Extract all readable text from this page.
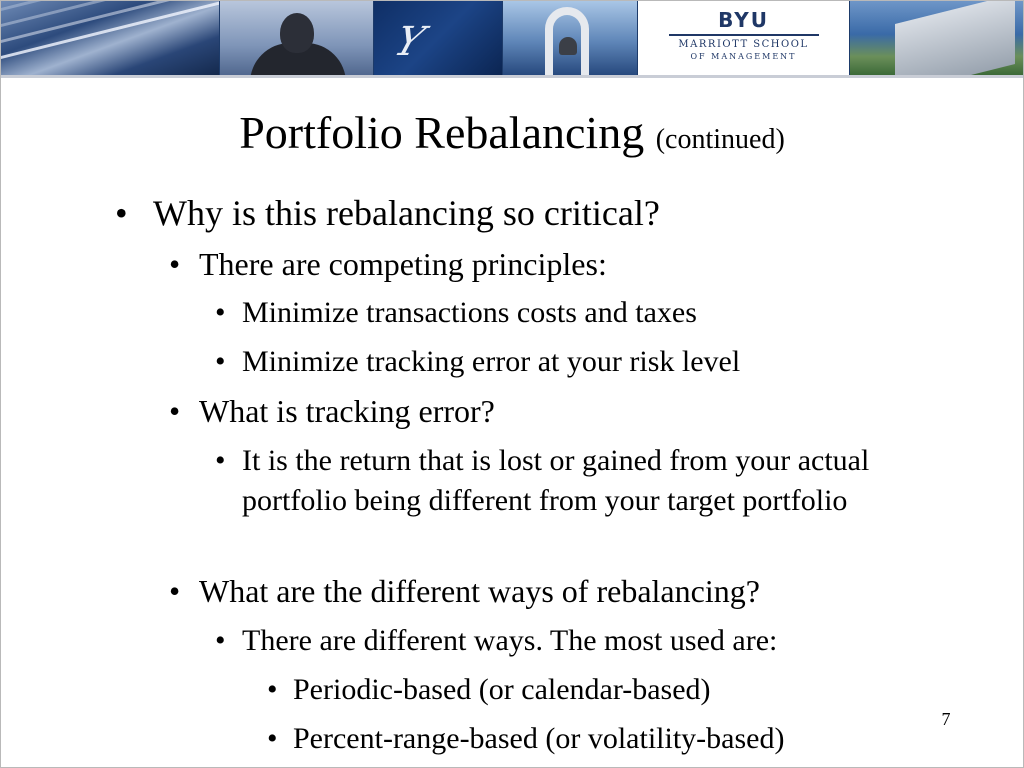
Y	BYU
MARRIOTT SCHOOL
OF MANAGEMENT
Portfolio Rebalancing (continued)
• Why is this rebalancing so critical?
• There are competing principles:
• Minimize transactions costs and taxes
• Minimize tracking error at your risk level
• What is tracking error?
• It is the return that is lost or gained from your actual portfolio being different from your target portfolio
• What are the different ways of rebalancing?
• There are different ways. The most used are:
• Periodic-based (or calendar-based)
• Percent-range-based (or volatility-based)
7
